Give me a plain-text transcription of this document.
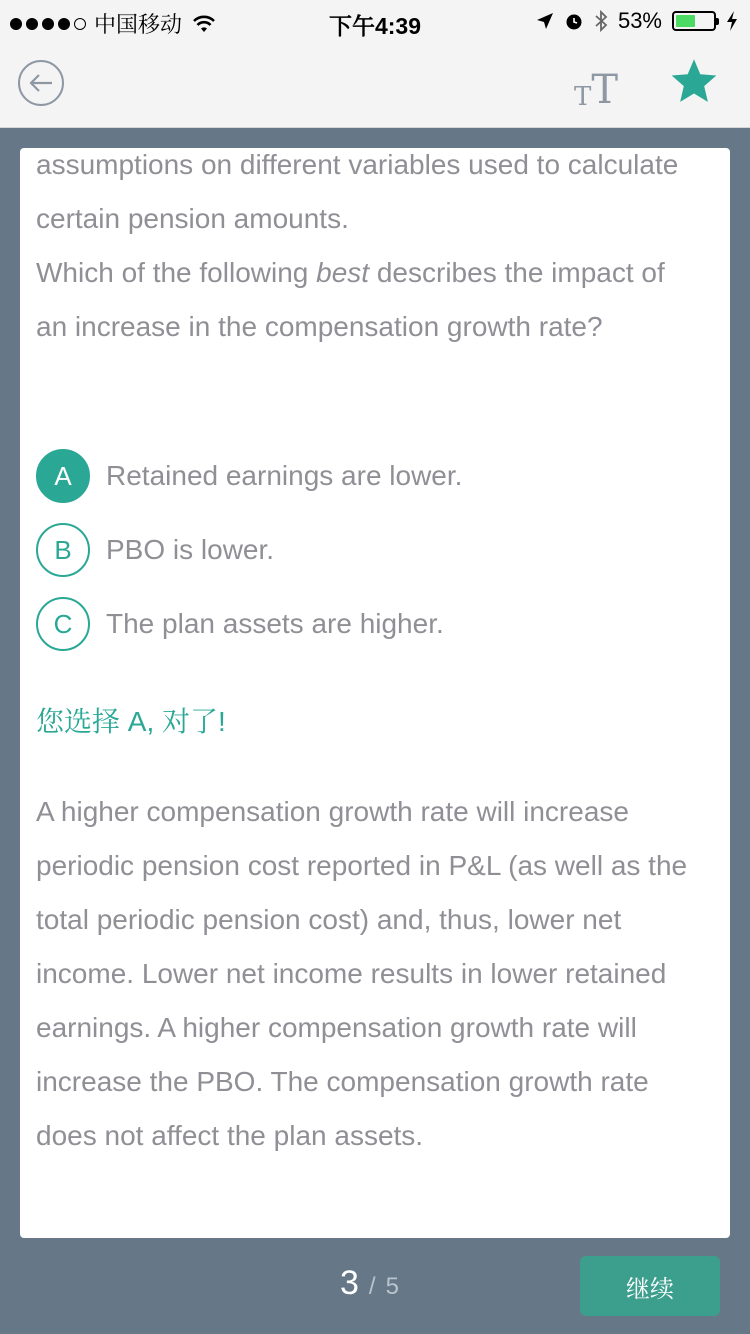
中国移动	下午4:39	53%
T T
assumptions on different variables used to calculate
certain pension amounts.
Which of the following best describes the impact of
an increase in the compensation growth rate?
A	Retained earnings are lower.
B	PBO is lower.
C	The plan assets are higher.
您选择 A, 对了!
A higher compensation growth rate will increase
periodic pension cost reported in P&L (as well as the
total periodic pension cost) and, thus, lower net
income. Lower net income results in lower retained
earnings. A higher compensation growth rate will
increase the PBO. The compensation growth rate
does not affect the plan assets.
3 / 5	继续
